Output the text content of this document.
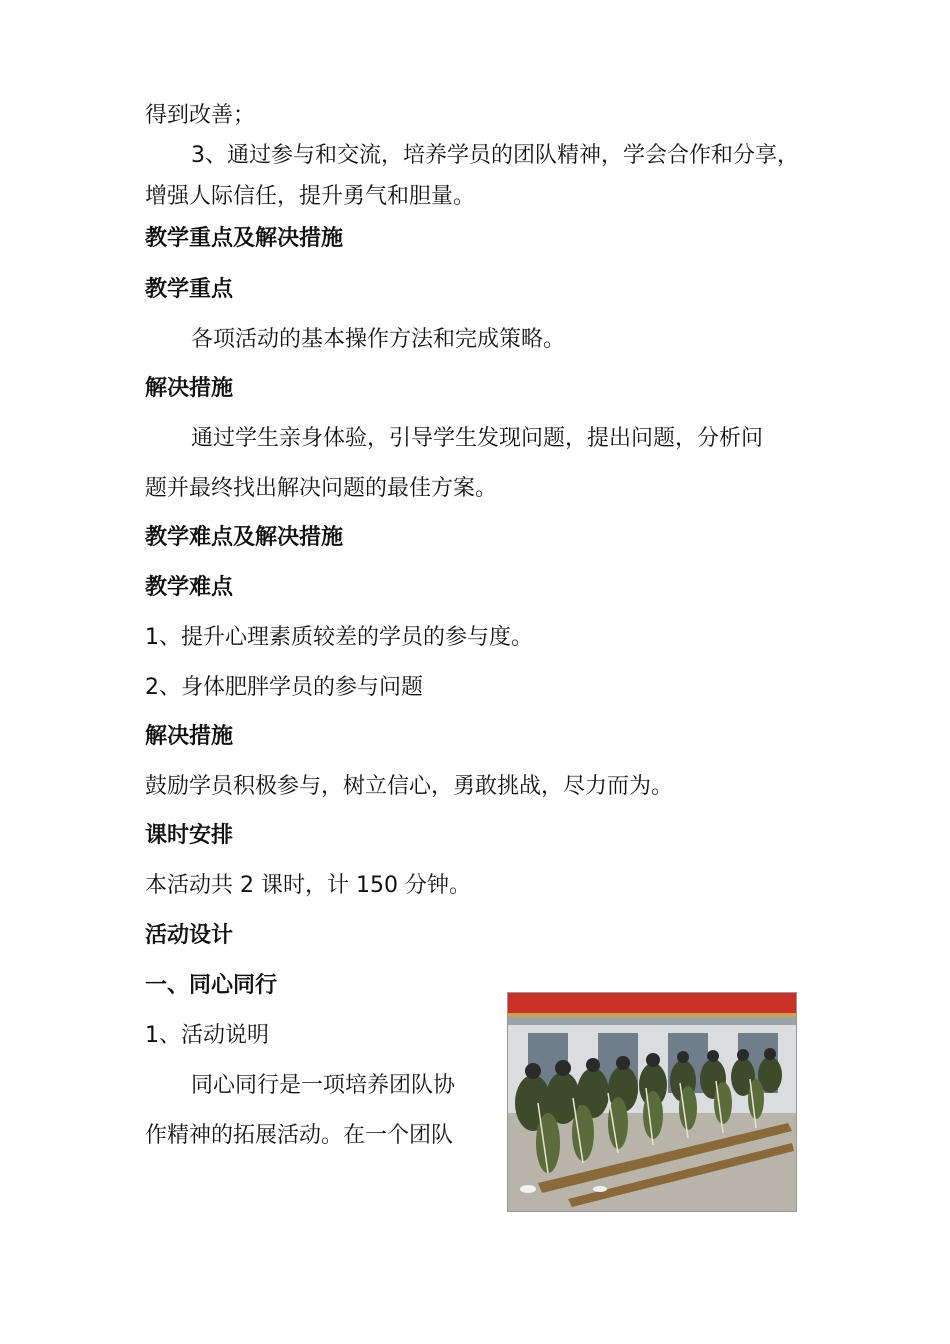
得到改善；
3、通过参与和交流，培养学员的团队精神，学会合作和分享，
增强人际信任，提升勇气和胆量。
教学重点及解决措施
教学重点
各项活动的基本操作方法和完成策略。
解决措施
通过学生亲身体验，引导学生发现问题，提出问题，分析问
题并最终找出解决问题的最佳方案。
教学难点及解决措施
教学难点
1、提升心理素质较差的学员的参与度。
2、身体肥胖学员的参与问题
解决措施
鼓励学员积极参与，树立信心，勇敢挑战，尽力而为。
课时安排
本活动共 2 课时，计 150 分钟。
活动设计
一、同心同行
1、活动说明
同心同行是一项培养团队协
作精神的拓展活动。在一个团队
